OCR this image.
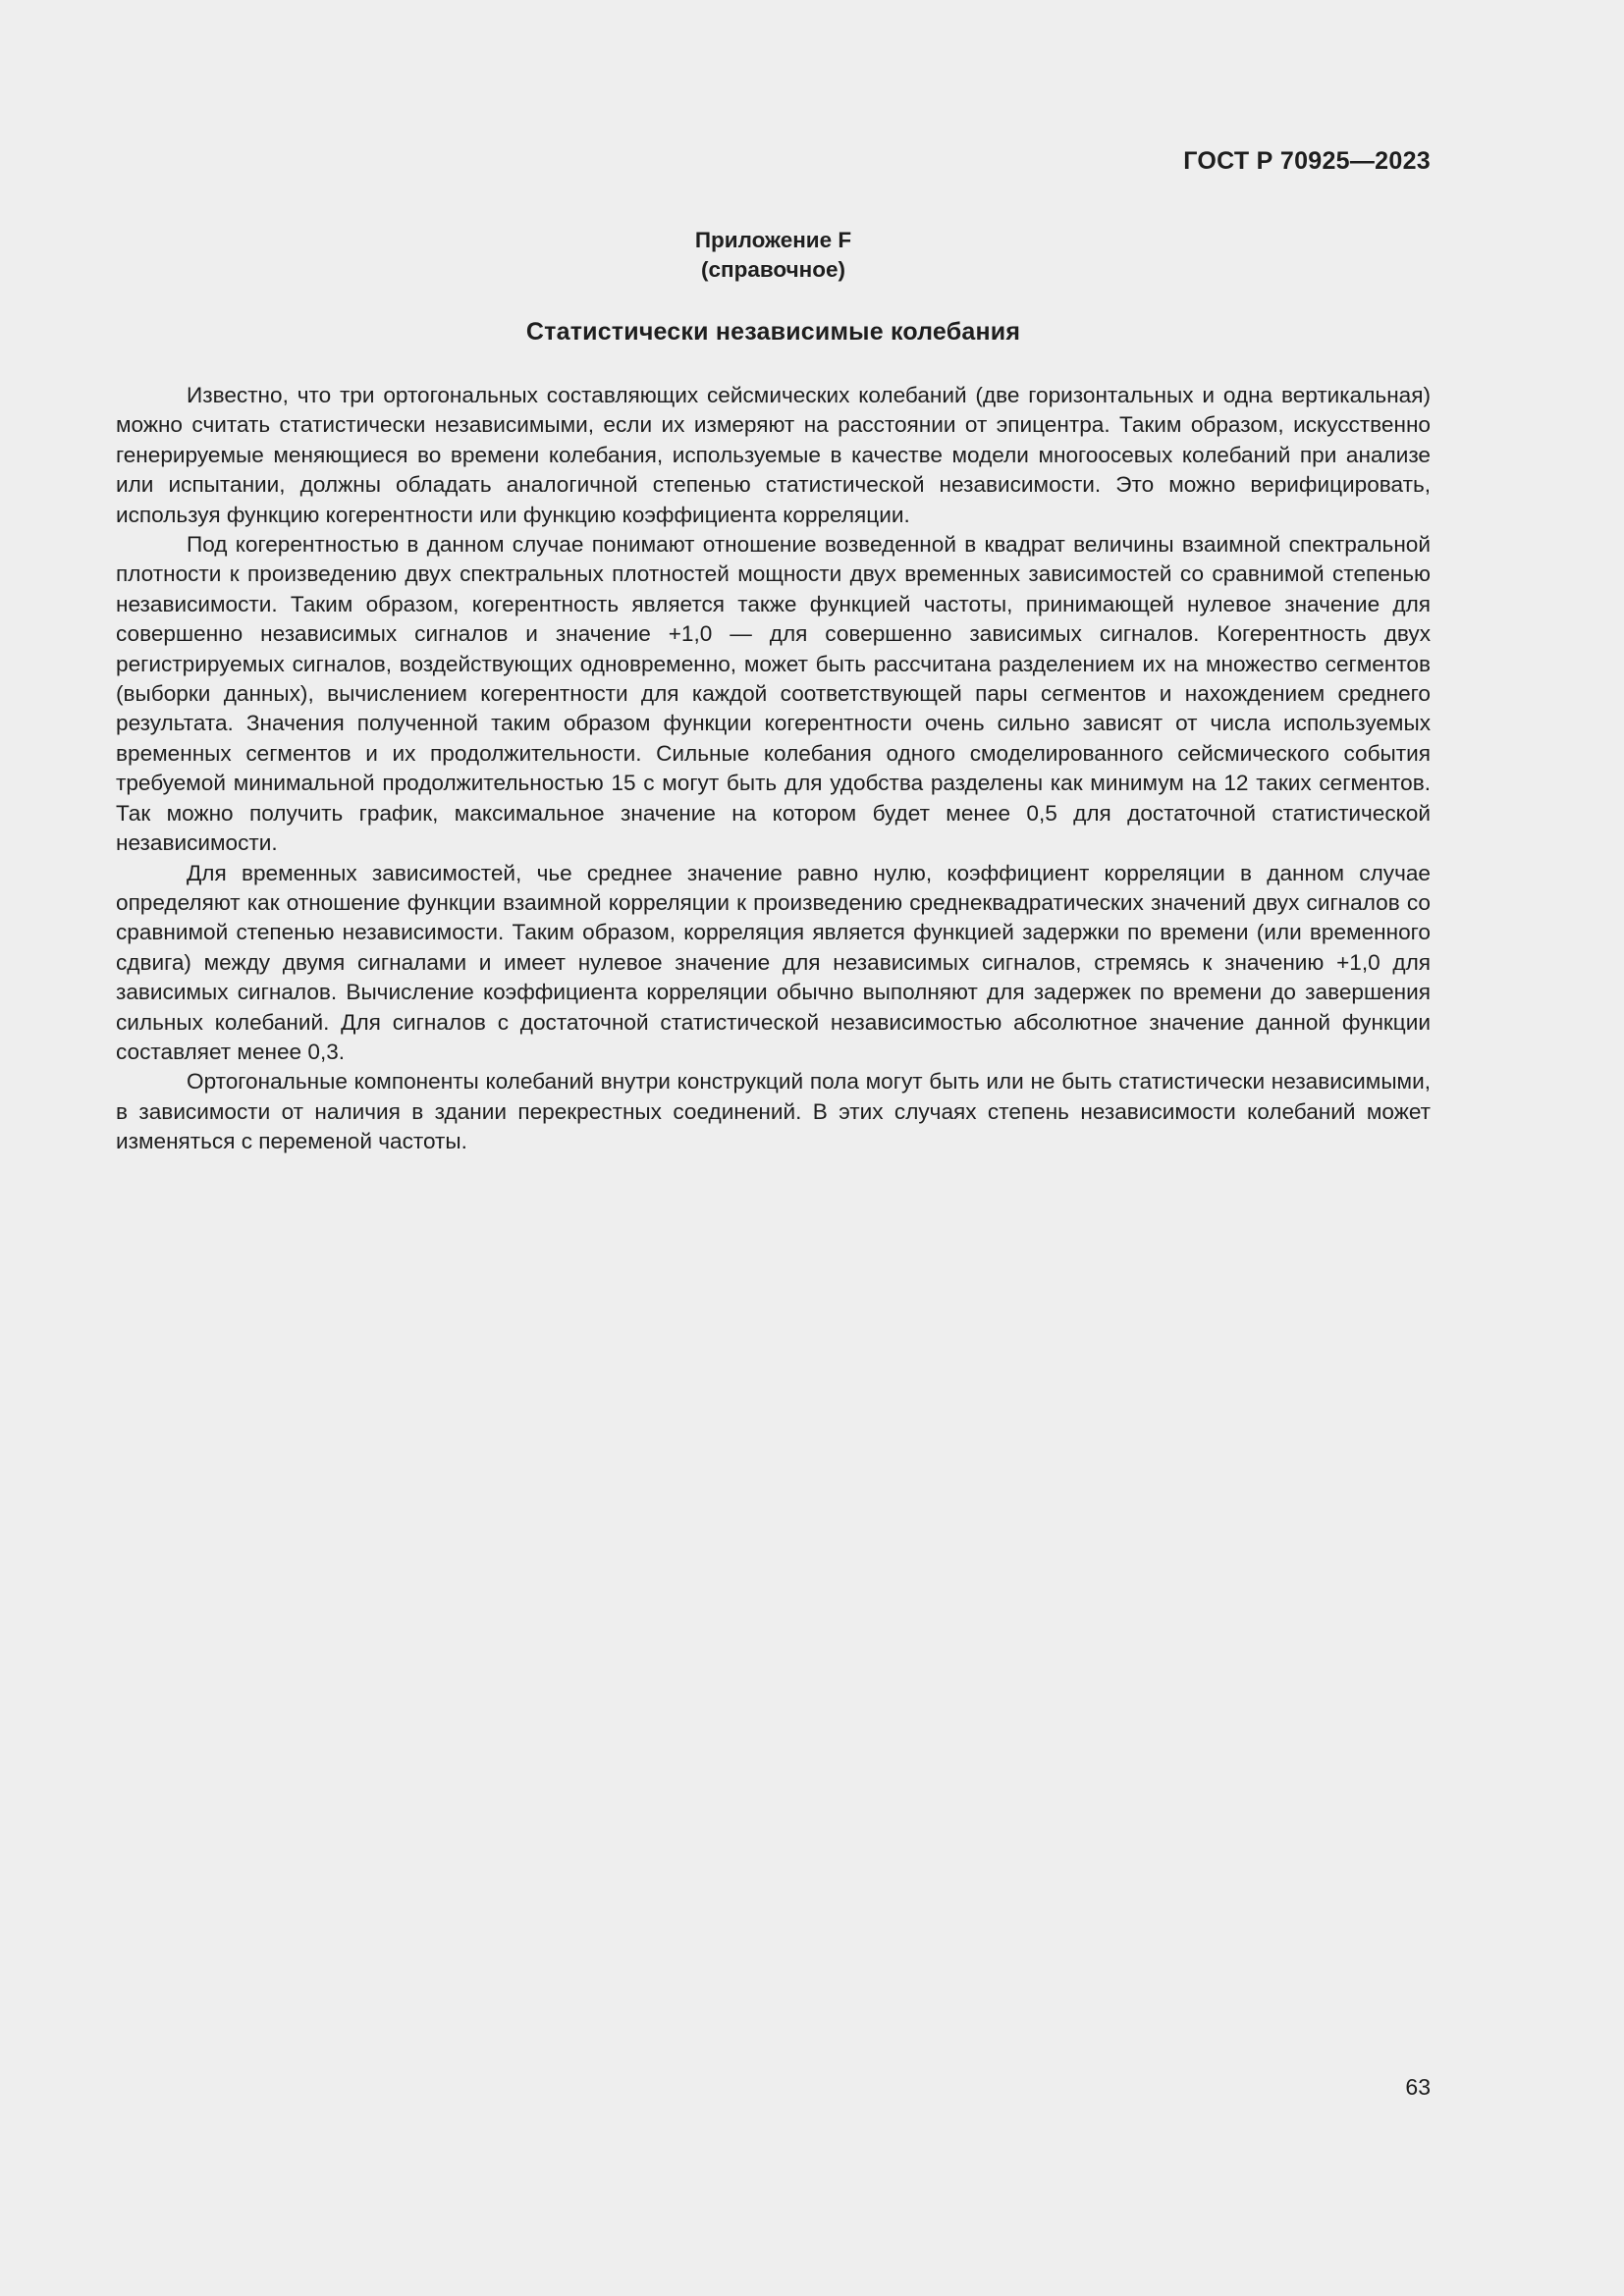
ГОСТ Р 70925—2023
Приложение F
(справочное)
Статистически независимые колебания

Известно, что три ортогональных составляющих сейсмических колебаний (две горизонтальных и одна вертикальная) можно считать статистически независимыми, если их измеряют на расстоянии от эпицентра. Таким образом, искусственно генерируемые меняющиеся во времени колебания, используемые в качестве модели многоосевых колебаний при анализе или испытании, должны обладать аналогичной степенью статистической независимости. Это можно верифицировать, используя функцию когерентности или функцию коэффициента корреляции.

Под когерентностью в данном случае понимают отношение возведенной в квадрат величины взаимной спектральной плотности к произведению двух спектральных плотностей мощности двух временных зависимостей со сравнимой степенью независимости. Таким образом, когерентность является также функцией частоты, принимающей нулевое значение для совершенно независимых сигналов и значение +1,0 — для совершенно зависимых сигналов. Когерентность двух регистрируемых сигналов, воздействующих одновременно, может быть рассчитана разделением их на множество сегментов (выборки данных), вычислением когерентности для каждой соответствующей пары сегментов и нахождением среднего результата. Значения полученной таким образом функции когерентности очень сильно зависят от числа используемых временных сегментов и их продолжительности. Сильные колебания одного смоделированного сейсмического события требуемой минимальной продолжительностью 15 с могут быть для удобства разделены как минимум на 12 таких сегментов. Так можно получить график, максимальное значение на котором будет менее 0,5 для достаточной статистической независимости.

Для временных зависимостей, чье среднее значение равно нулю, коэффициент корреляции в данном случае определяют как отношение функции взаимной корреляции к произведению среднеквадратических значений двух сигналов со сравнимой степенью независимости. Таким образом, корреляция является функцией задержки по времени (или временного сдвига) между двумя сигналами и имеет нулевое значение для независимых сигналов, стремясь к значению +1,0 для зависимых сигналов. Вычисление коэффициента корреляции обычно выполняют для задержек по времени до завершения сильных колебаний. Для сигналов с достаточной статистической независимостью абсолютное значение данной функции составляет менее 0,3.

Ортогональные компоненты колебаний внутри конструкций пола могут быть или не быть статистически независимыми, в зависимости от наличия в здании перекрестных соединений. В этих случаях степень независимости колебаний может изменяться с переменой частоты.

63
